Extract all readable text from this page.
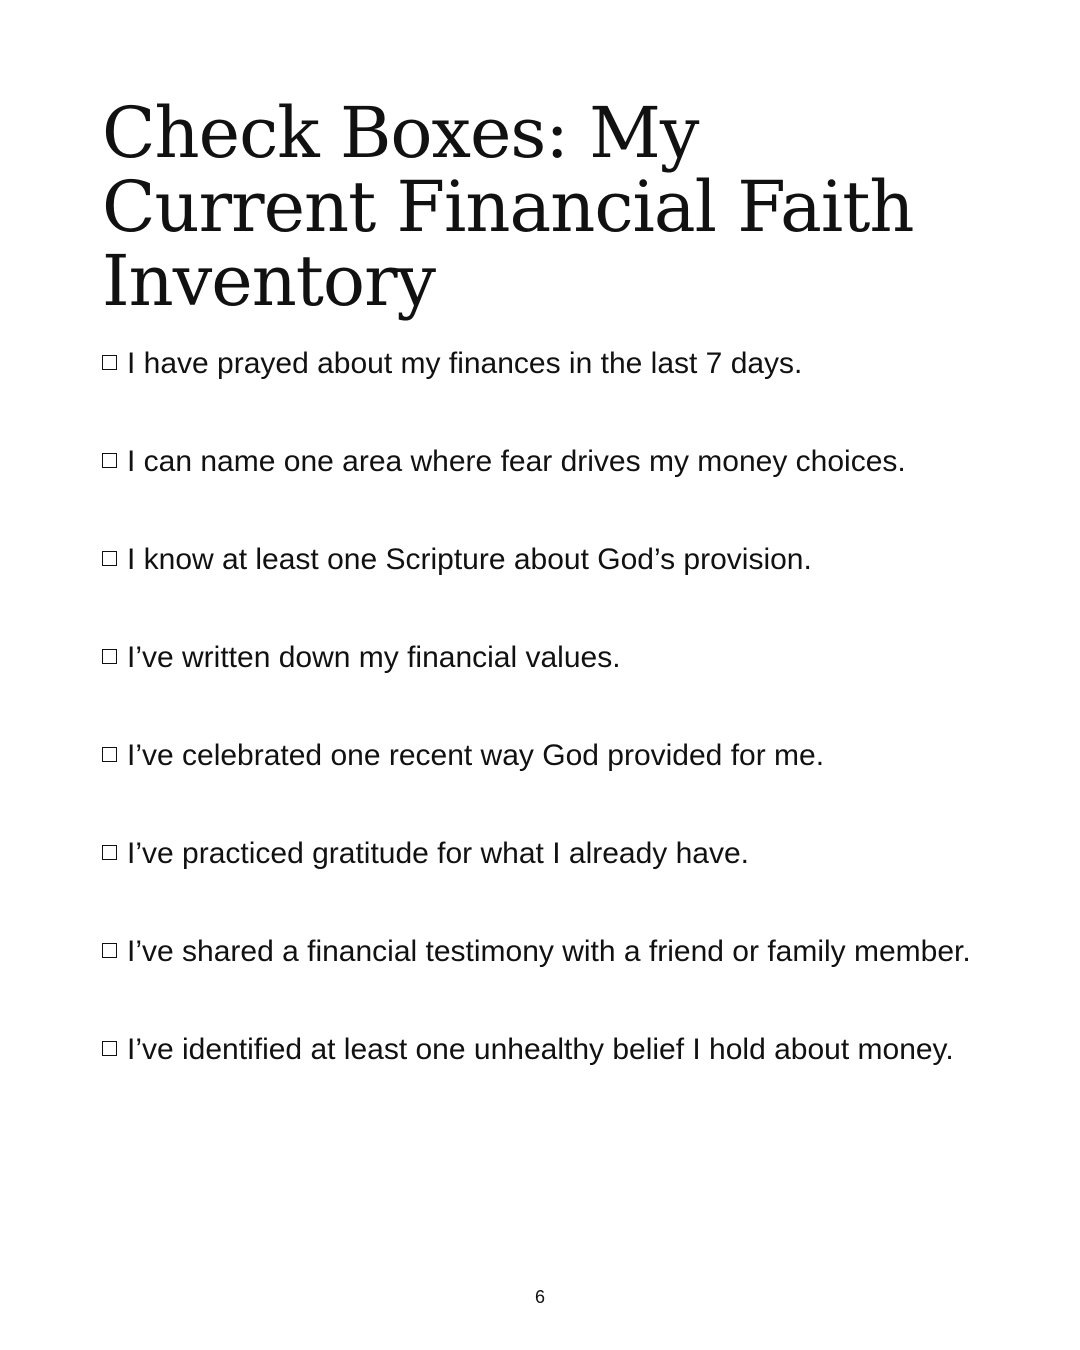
Check Boxes: My Current Financial Faith Inventory
I have prayed about my finances in the last 7 days.
I can name one area where fear drives my money choices.
I know at least one Scripture about God’s provision.
I’ve written down my financial values.
I’ve celebrated one recent way God provided for me.
I’ve practiced gratitude for what I already have.
I’ve shared a financial testimony with a friend or family member.
I’ve identified at least one unhealthy belief I hold about money.
6
